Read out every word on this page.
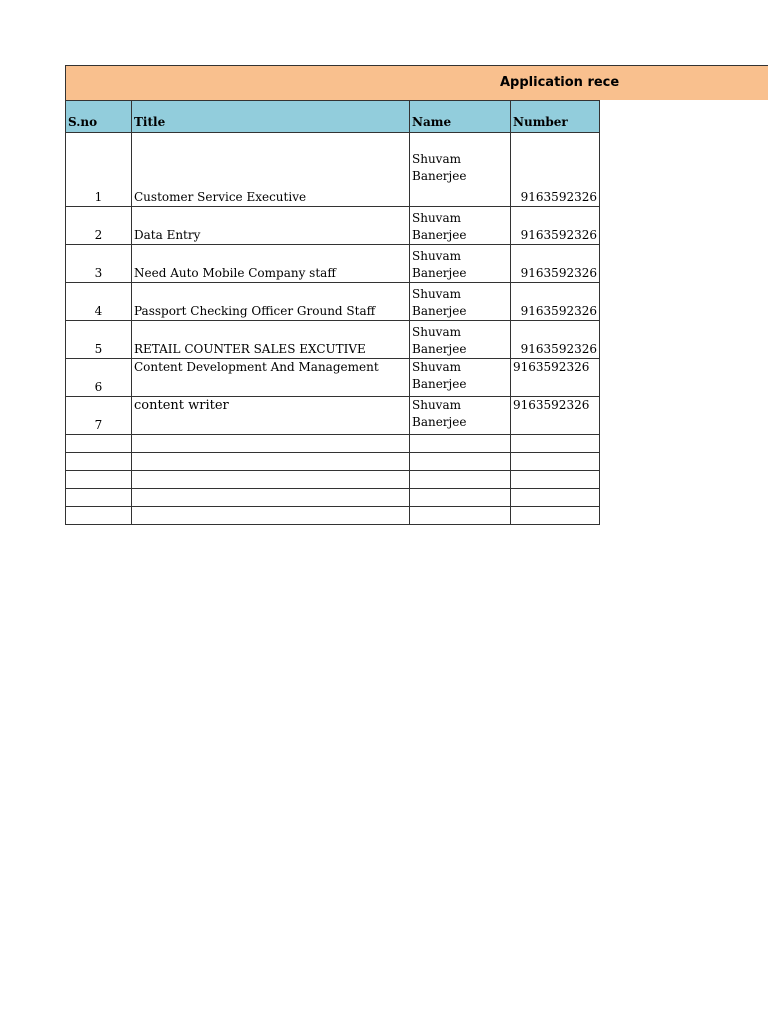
Application rece
S.no	Title	Name	Number
1	Customer Service Executive	Shuvam Banerjee	9163592326
2	Data Entry	Shuvam Banerjee	9163592326
3	Need Auto Mobile Company staff	Shuvam Banerjee	9163592326
4	Passport Checking Officer Ground Staff	Shuvam Banerjee	9163592326
5	RETAIL COUNTER SALES EXCUTIVE	Shuvam Banerjee	9163592326
6	Content Development And Management	Shuvam Banerjee	9163592326
7	content writer	Shuvam Banerjee	9163592326
